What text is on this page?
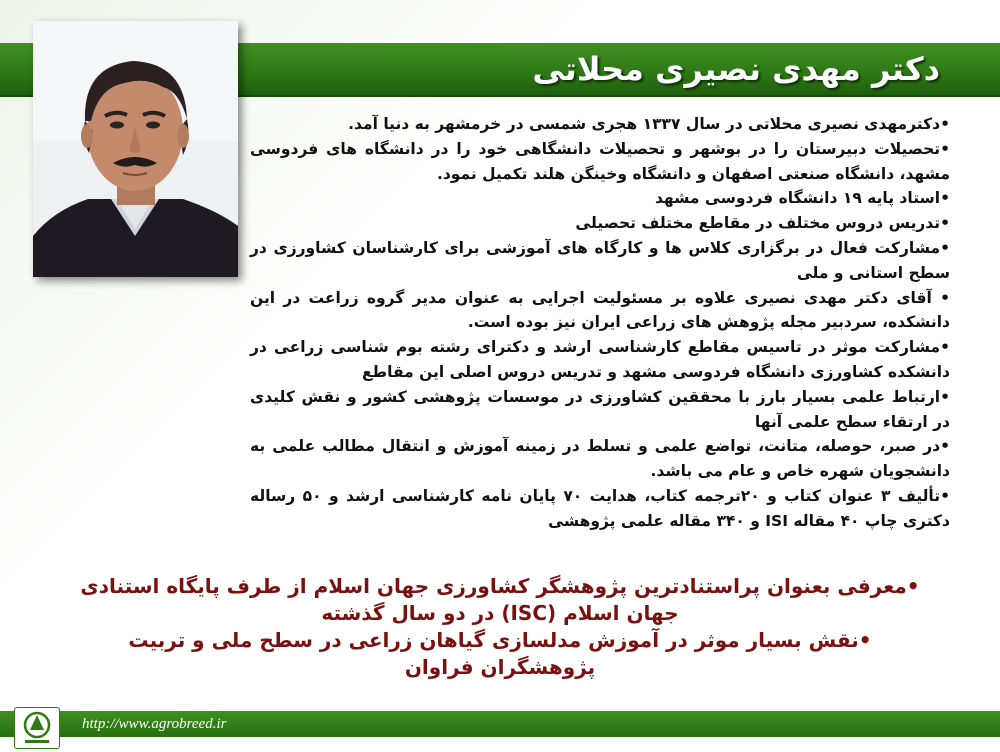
دکتر مهدی نصیری محلاتی

•دکترمهدی نصیری محلاتی در سال ۱۳۳۷ هجری شمسی در خرمشهر به دنیا آمد.

•تحصیلات دبیرستان را در بوشهر و تحصیلات دانشگاهی خود را در دانشگاه های فردوسی مشهد، دانشگاه صنعتی اصفهان و دانشگاه وخینگن هلند تکمیل نمود.

•استاد پایه ۱۹ دانشگاه فردوسی مشهد

•تدریس دروس مختلف در مقاطع مختلف تحصیلی

•مشارکت فعال در برگزاری کلاس ها و کارگاه های آموزشی برای کارشناسان کشاورزی در سطح استانی و ملی

• آقای دکتر مهدی نصیری علاوه بر مسئولیت اجرایی به عنوان مدیر گروه زراعت در این دانشکده، سردبیر مجله پژوهش های زراعی ایران نیز بوده است.

•مشارکت موثر در تاسیس مقاطع کارشناسی ارشد و دکترای رشته بوم شناسی زراعی در دانشکده کشاورزی دانشگاه فردوسی مشهد و تدریس دروس اصلی این مقاطع

•ارتباط علمی بسیار بارز با محققین کشاورزی در موسسات پژوهشی کشور و نقش کلیدی در ارتقاء سطح علمی آنها

•در صبر، حوصله، متانت، تواضع علمی و تسلط در زمینه آموزش و انتقال مطالب علمی به دانشجویان شهره خاص و عام می باشد.

•تألیف ۳ عنوان کتاب و ۲۰ترجمه کتاب، هدایت ۷۰ پایان نامه کارشناسی ارشد و ۵۰ رساله دکتری چاپ ۴۰ مقاله ISI و ۳۴۰ مقاله علمی پژوهشی

•معرفی بعنوان پراستنادترین پژوهشگر کشاورزی جهان اسلام از طرف پایگاه استنادی جهان اسلام (ISC) در دو سال گذشته

•نقش بسیار موثر در آموزش مدلسازی گیاهان زراعی در سطح ملی و تربیت پژوهشگران فراوان

http://www.agrobreed.ir
